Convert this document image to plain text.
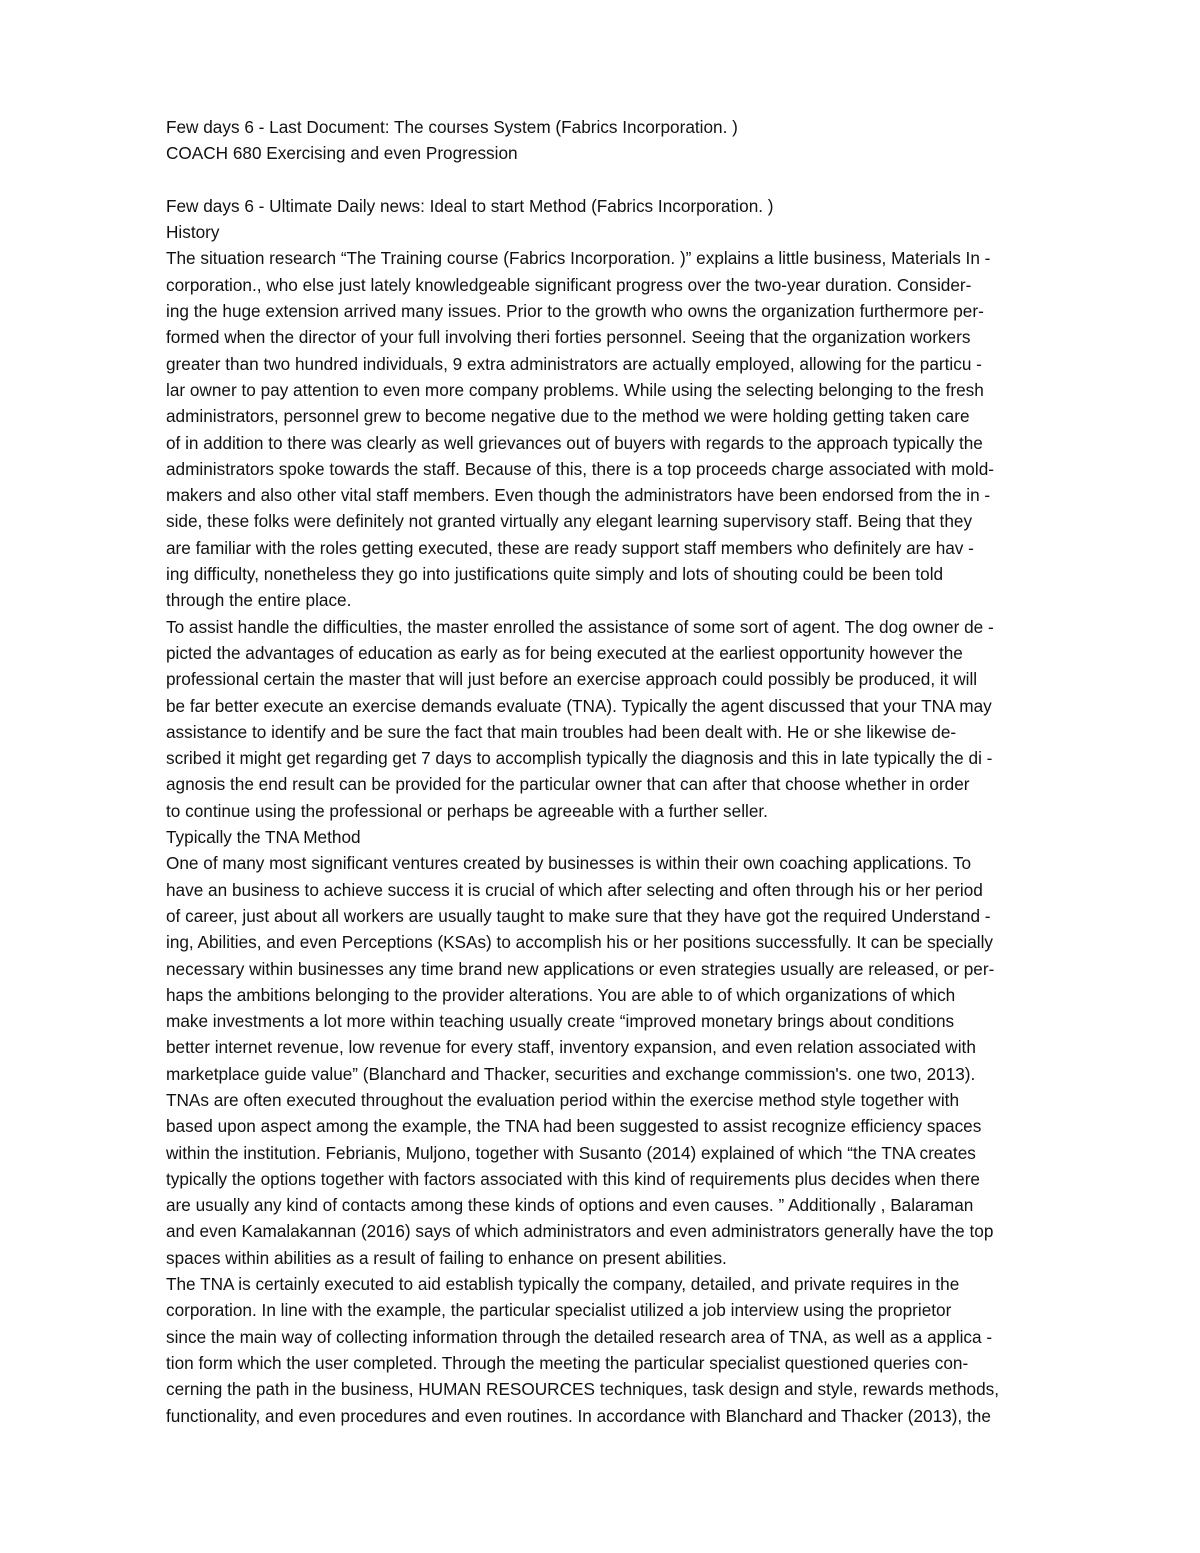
Few days 6 - Last Document: The courses System (Fabrics Incorporation. )
COACH 680 Exercising and even Progression
Few days 6 - Ultimate Daily news: Ideal to start Method (Fabrics Incorporation. )
History
The situation research “The Training course (Fabrics Incorporation. )” explains a little business, Materials In -
corporation., who else just lately knowledgeable significant progress over the two-year duration. Consider-
ing the huge extension arrived many issues. Prior to the growth who owns the organization furthermore per-
formed when the director of your full involving theri forties personnel. Seeing that the organization workers
greater than two hundred individuals, 9 extra administrators are actually employed, allowing for the particu -
lar owner to pay attention to even more company problems. While using the selecting belonging to the fresh
administrators, personnel grew to become negative due to the method we were holding getting taken care
of in addition to there was clearly as well grievances out of buyers with regards to the approach typically the
administrators spoke towards the staff. Because of this, there is a top proceeds charge associated with mold-
makers and also other vital staff members. Even though the administrators have been endorsed from the in -
side, these folks were definitely not granted virtually any elegant learning supervisory staff. Being that they
are familiar with the roles getting executed, these are ready support staff members who definitely are hav -
ing difficulty, nonetheless they go into justifications quite simply and lots of shouting could be been told
through the entire place.
To assist handle the difficulties, the master enrolled the assistance of some sort of agent. The dog owner de -
picted the advantages of education as early as for being executed at the earliest opportunity however the
professional certain the master that will just before an exercise approach could possibly be produced, it will
be far better execute an exercise demands evaluate (TNA). Typically the agent discussed that your TNA may
assistance to identify and be sure the fact that main troubles had been dealt with. He or she likewise de-
scribed it might get regarding get 7 days to accomplish typically the diagnosis and this in late typically the di -
agnosis the end result can be provided for the particular owner that can after that choose whether in order
to continue using the professional or perhaps be agreeable with a further seller.
Typically the TNA Method
One of many most significant ventures created by businesses is within their own coaching applications. To
have an business to achieve success it is crucial of which after selecting and often through his or her period
of career, just about all workers are usually taught to make sure that they have got the required Understand -
ing, Abilities, and even Perceptions (KSAs) to accomplish his or her positions successfully. It can be specially
necessary within businesses any time brand new applications or even strategies usually are released, or per-
haps the ambitions belonging to the provider alterations. You are able to of which organizations of which
make investments a lot more within teaching usually create “improved monetary brings about conditions
better internet revenue, low revenue for every staff, inventory expansion, and even relation associated with
marketplace guide value” (Blanchard and Thacker, securities and exchange commission's. one two, 2013).
TNAs are often executed throughout the evaluation period within the exercise method style together with
based upon aspect among the example, the TNA had been suggested to assist recognize efficiency spaces
within the institution. Febrianis, Muljono, together with Susanto (2014) explained of which “the TNA creates
typically the options together with factors associated with this kind of requirements plus decides when there
are usually any kind of contacts among these kinds of options and even causes. ” Additionally , Balaraman
and even Kamalakannan (2016) says of which administrators and even administrators generally have the top
spaces within abilities as a result of failing to enhance on present abilities.
The TNA is certainly executed to aid establish typically the company, detailed, and private requires in the
corporation. In line with the example, the particular specialist utilized a job interview using the proprietor
since the main way of collecting information through the detailed research area of TNA, as well as a applica -
tion form which the user completed. Through the meeting the particular specialist questioned queries con-
cerning the path in the business, HUMAN RESOURCES techniques, task design and style, rewards methods,
functionality, and even procedures and even routines. In accordance with Blanchard and Thacker (2013), the
